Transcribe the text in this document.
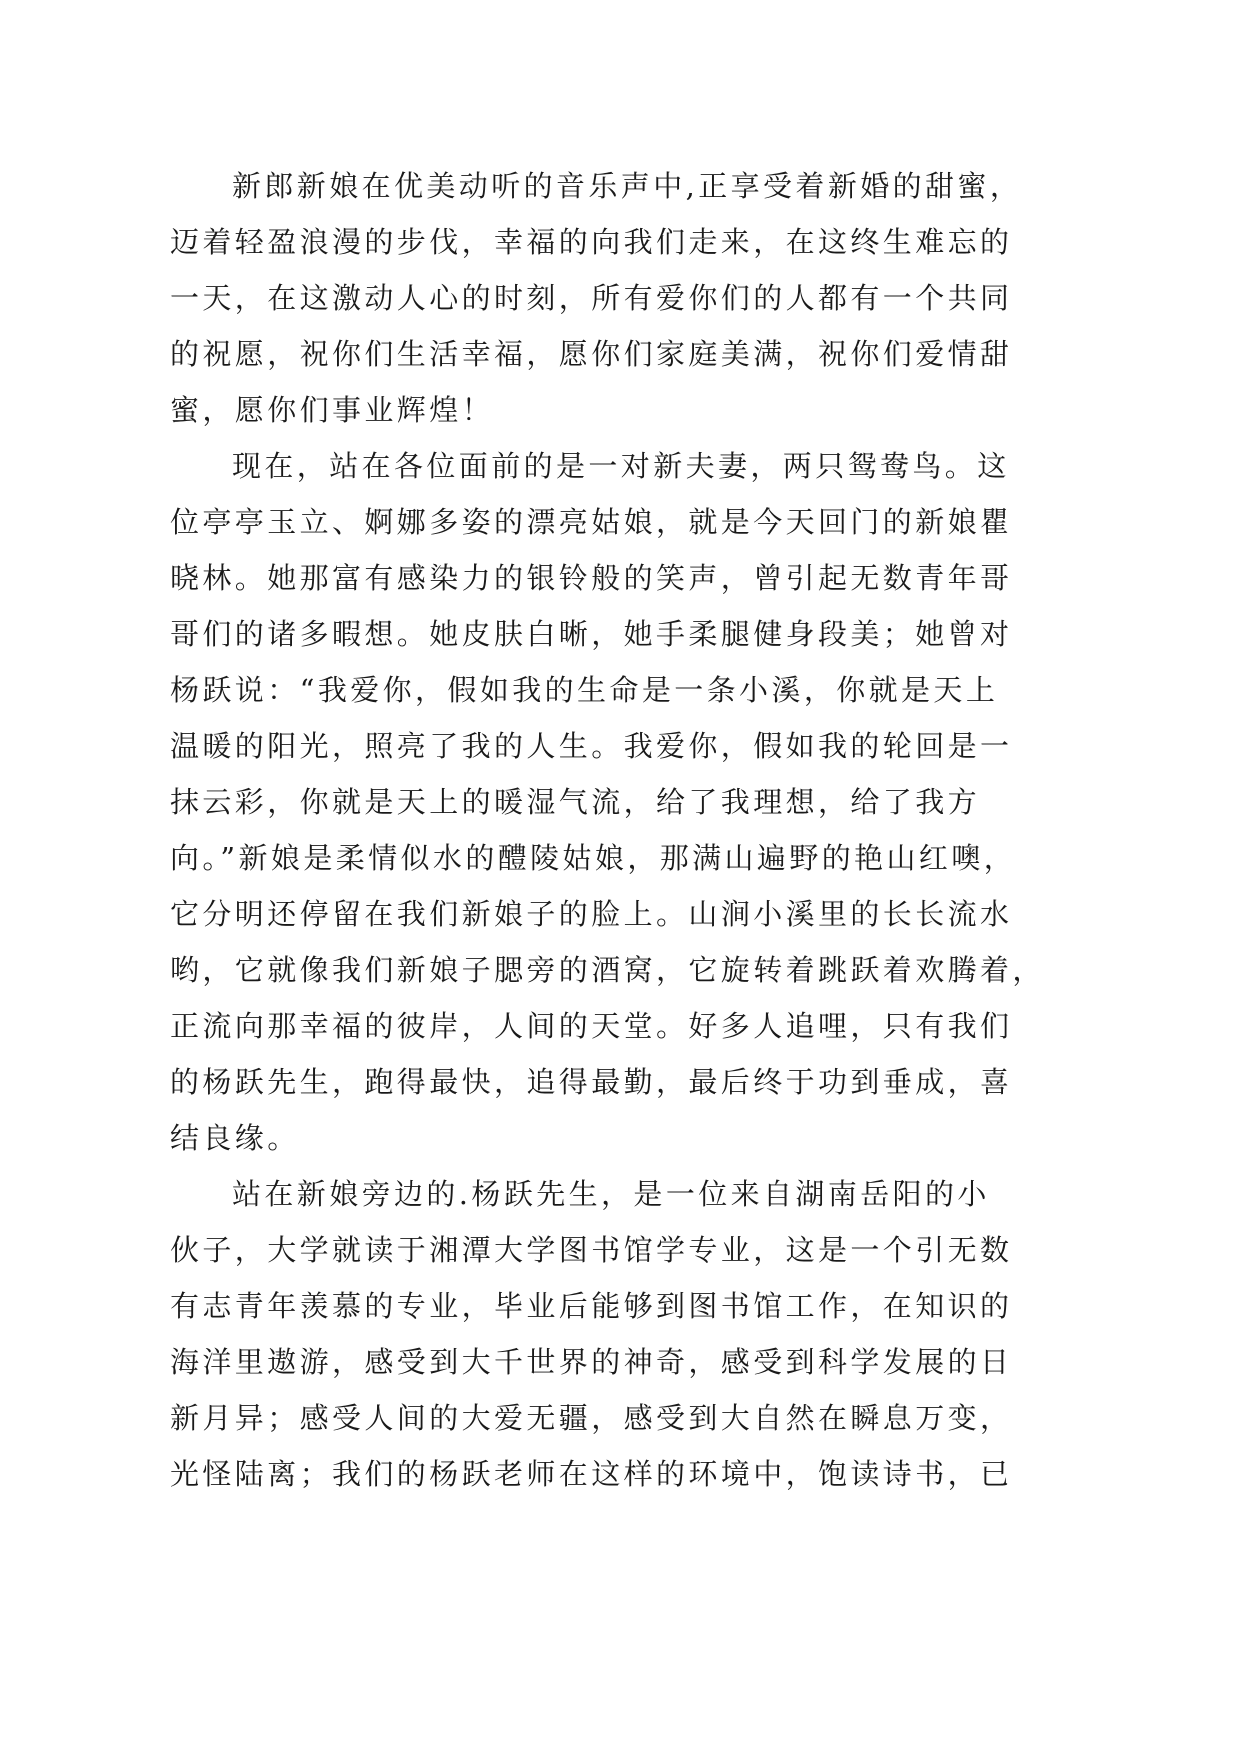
新郎新娘在优美动听的音乐声中,正享受着新婚的甜蜜，
迈着轻盈浪漫的步伐，幸福的向我们走来，在这终生难忘的
一天，在这激动人心的时刻，所有爱你们的人都有一个共同
的祝愿，祝你们生活幸福，愿你们家庭美满，祝你们爱情甜
蜜，愿你们事业辉煌！
现在，站在各位面前的是一对新夫妻，两只鸳鸯鸟。这
位亭亭玉立、婀娜多姿的漂亮姑娘，就是今天回门的新娘瞿
晓林。她那富有感染力的银铃般的笑声，曾引起无数青年哥
哥们的诸多暇想。她皮肤白晰，她手柔腿健身段美；她曾对
杨跃说：“我爱你，假如我的生命是一条小溪，你就是天上
温暖的阳光，照亮了我的人生。我爱你，假如我的轮回是一
抹云彩，你就是天上的暖湿气流，给了我理想，给了我方
向。”新娘是柔情似水的醴陵姑娘，那满山遍野的艳山红噢，
它分明还停留在我们新娘子的脸上。山涧小溪里的长长流水
哟，它就像我们新娘子腮旁的酒窝，它旋转着跳跃着欢腾着，
正流向那幸福的彼岸，人间的天堂。好多人追哩，只有我们
的杨跃先生，跑得最快，追得最勤，最后终于功到垂成，喜
结良缘。
站在新娘旁边的.杨跃先生，是一位来自湖南岳阳的小
伙子，大学就读于湘潭大学图书馆学专业，这是一个引无数
有志青年羡慕的专业，毕业后能够到图书馆工作，在知识的
海洋里遨游，感受到大千世界的神奇，感受到科学发展的日
新月异；感受人间的大爱无疆，感受到大自然在瞬息万变，
光怪陆离；我们的杨跃老师在这样的环境中，饱读诗书，已
